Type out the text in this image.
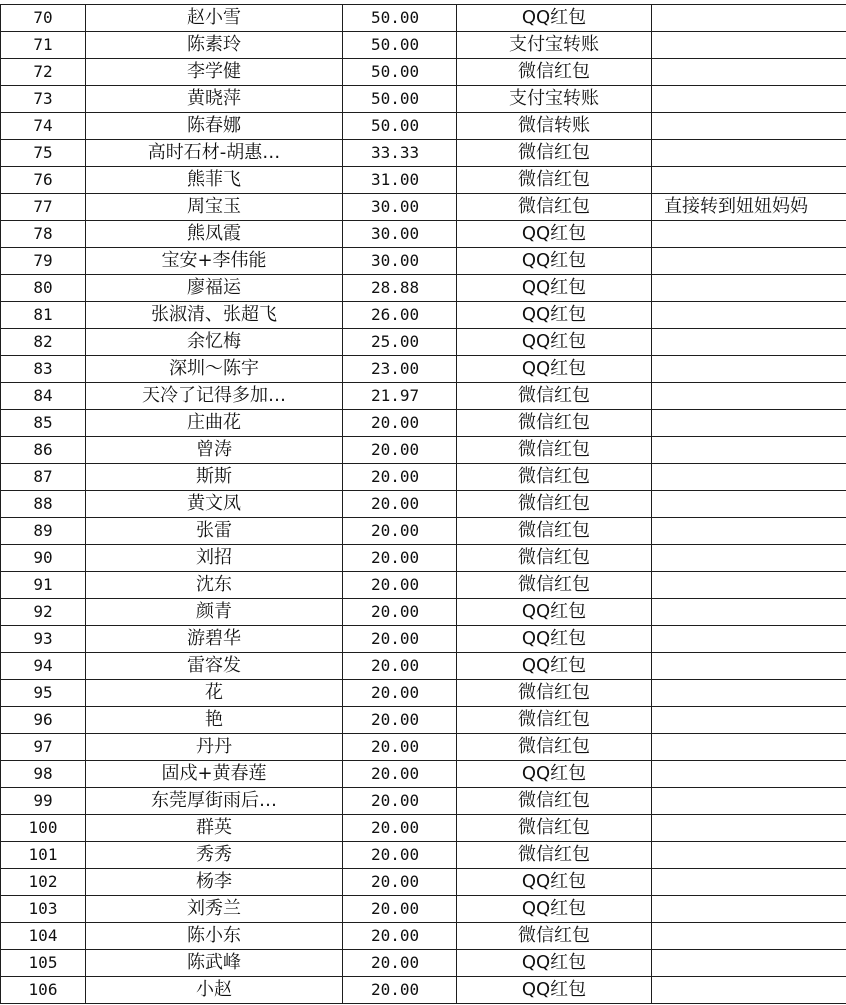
70	赵小雪	50.00	QQ红包	
71	陈素玲	50.00	支付宝转账	
72	李学健	50.00	微信红包	
73	黄晓萍	50.00	支付宝转账	
74	陈春娜	50.00	微信转账	
75	高时石材-胡惠…	33.33	微信红包	
76	熊菲飞	31.00	微信红包	
77	周宝玉	30.00	微信红包	直接转到妞妞妈妈
78	熊凤霞	30.00	QQ红包	
79	宝安+李伟能	30.00	QQ红包	
80	廖福运	28.88	QQ红包	
81	张淑清、张超飞	26.00	QQ红包	
82	余忆梅	25.00	QQ红包	
83	深圳～陈宇	23.00	QQ红包	
84	天冷了记得多加…	21.97	微信红包	
85	庄曲花	20.00	微信红包	
86	曾涛	20.00	微信红包	
87	斯斯	20.00	微信红包	
88	黄文凤	20.00	微信红包	
89	张雷	20.00	微信红包	
90	刘招	20.00	微信红包	
91	沈东	20.00	微信红包	
92	颜青	20.00	QQ红包	
93	游碧华	20.00	QQ红包	
94	雷容发	20.00	QQ红包	
95	花	20.00	微信红包	
96	艳	20.00	微信红包	
97	丹丹	20.00	微信红包	
98	固戍+黄春莲	20.00	QQ红包	
99	东莞厚街雨后…	20.00	微信红包	
100	群英	20.00	微信红包	
101	秀秀	20.00	微信红包	
102	杨李	20.00	QQ红包	
103	刘秀兰	20.00	QQ红包	
104	陈小东	20.00	微信红包	
105	陈武峰	20.00	QQ红包	
106	小赵	20.00	QQ红包	
